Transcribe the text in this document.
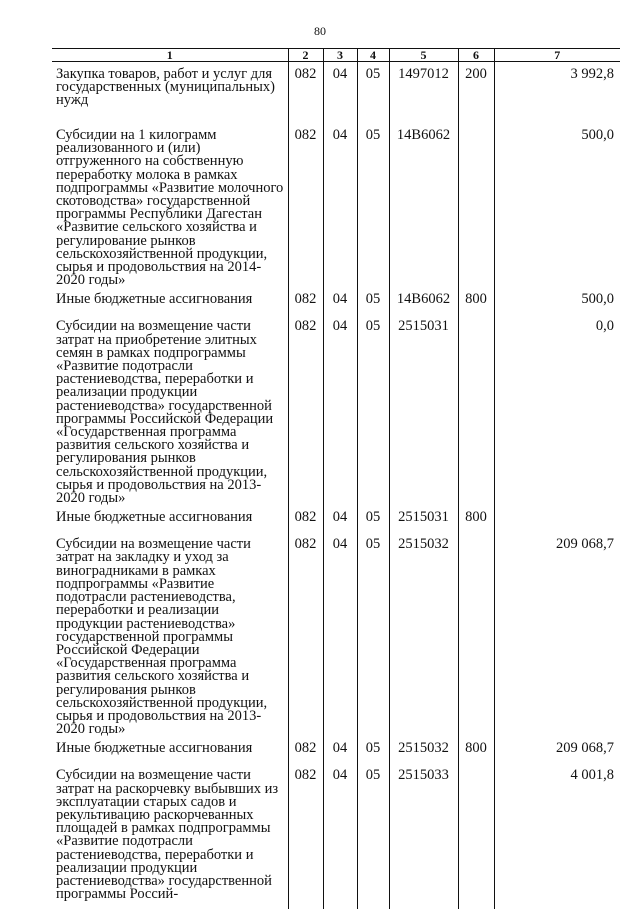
80
1	2	3	4	5	6	7
Закупка товаров, работ и услуг для государственных (муниципальных) нужд	082	04	05	1497012	200	3 992,8
Субсидии на 1 килограмм реализованного и (или) отгруженного на собственную переработку молока в рамках подпрограммы «Развитие молочного скотоводства» государственной программы Республики Дагестан «Развитие сельского хозяйства и регулирование рынков сельскохозяйственной продукции, сырья и продовольствия на 2014-2020 годы»	082	04	05	14В6062		500,0
Иные бюджетные ассигнования	082	04	05	14В6062	800	500,0
Субсидии на возмещение части затрат на приобретение элитных семян в рамках подпрограммы «Развитие подотрасли растениеводства, переработки и реализации продукции растениеводства» государственной программы Российской Федерации «Государственная программа развития сельского хозяйства и регулирования рынков сельскохозяйственной продукции, сырья и продовольствия на 2013-2020 годы»	082	04	05	2515031		0,0
Иные бюджетные ассигнования	082	04	05	2515031	800	
Субсидии на возмещение части затрат на закладку и уход за виноградниками в рамках подпрограммы «Развитие подотрасли растениеводства, переработки и реализации продукции растениеводства» государственной программы Российской Федерации «Государственная программа развития сельского хозяйства и регулирования рынков сельскохозяйственной продукции, сырья и продовольствия на 2013-2020 годы»	082	04	05	2515032		209 068,7
Иные бюджетные ассигнования	082	04	05	2515032	800	209 068,7
Субсидии на возмещение части затрат на раскорчевку выбывших из эксплуатации старых садов и рекультивацию раскорчеванных площадей в рамках подпрограммы «Развитие подотрасли растениеводства, переработки и реализации продукции растениеводства» государственной программы Россий-	082	04	05	2515033		4 001,8
